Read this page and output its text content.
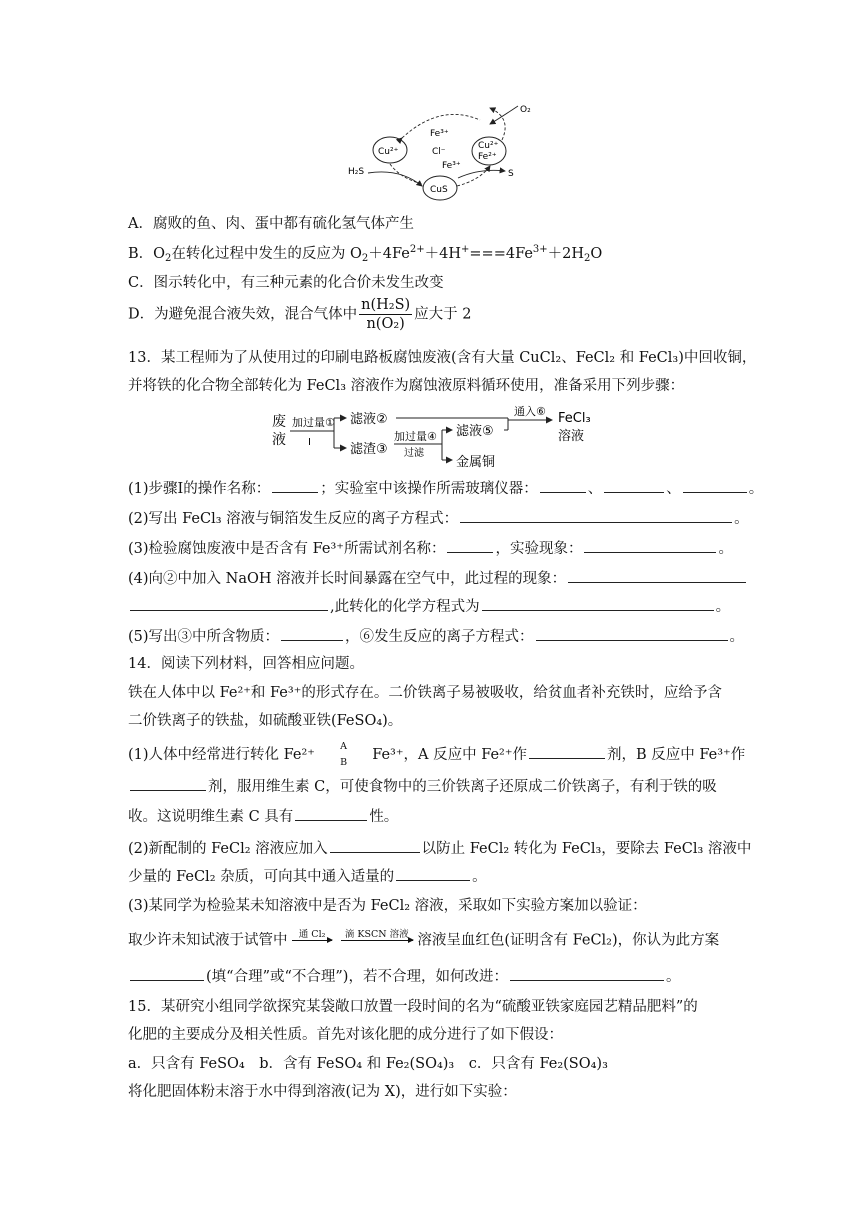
O₂
Cu²⁺
Fe³⁺
Cl⁻
Cu²⁺
Fe²⁺
Fe³⁺
H₂S
CuS
S
A．腐败的鱼、肉、蛋中都有硫化氢气体产生
B．$O_2$在转化过程中发生的反应为 $O_2+4Fe^{2+}+4H^+===4Fe^{3+}+2H_2O$
C．图示转化中，有三种元素的化合价未发生改变
D．为避免混合液失效，混合气体中 $\frac{\text{n(H₂S)}}{\text{n(O₂)}}$ 应大于 2
13．某工程师为了从使用过的印刷电路板腐蚀废液(含有大量 CuCl₂、FeCl₂ 和 FeCl₃)中回收铜，
并将铁的化合物全部转化为 FeCl₃ 溶液作为腐蚀液原料循环使用，准备采用下列步骤：
废
液
加过量①
Ⅰ
滤液②
滤渣③
加过量④
过滤
滤液⑤
金属铜
通入⑥ FeCl₃
溶液
(1)步骤Ⅰ的操作名称：	；实验室中该操作所需玻璃仪器：	、	、	。
(2)写出 FeCl₃ 溶液与铜箔发生反应的离子方程式：	。
(3)检验腐蚀废液中是否含有 Fe³⁺所需试剂名称：	，实验现象：	。
(4)向②中加入 NaOH 溶液并长时间暴露在空气中，此过程的现象：
,此转化的化学方程式为	。
(5)写出③中所含物质：	，⑥发生反应的离子方程式：	。
14．阅读下列材料，回答相应问题。
铁在人体中以 Fe²⁺和 Fe³⁺的形式存在。二价铁离子易被吸收，给贫血者补充铁时，应给予含
二价铁离子的铁盐，如硫酸亚铁(FeSO₄)。
(1)人体中经常进行转化 Fe²⁺
A
B	Fe³⁺，A 反应中 Fe²⁺作	剂，B 反应中 Fe³⁺作
剂，服用维生素 C，可使食物中的三价铁离子还原成二价铁离子，有利于铁的吸
收。这说明维生素 C 具有	性。
(2)新配制的 FeCl₂ 溶液应加入	以防止 FeCl₂ 转化为 FeCl₃，要除去 FeCl₃ 溶液中
少量的 FeCl₂ 杂质，可向其中通入适量的	。
(3)某同学为检验某未知溶液中是否为 FeCl₂ 溶液，采取如下实验方案加以验证：
取少许未知试液于试管中	通 Cl₂

	滴 KSCN 溶液
溶液呈血红色(证明含有 FeCl₂)，你认为此方案
(填“合理”或“不合理”)，若不合理，如何改进：	。
15．某研究小组同学欲探究某袋敞口放置一段时间的名为“硫酸亚铁家庭园艺精品肥料”的
化肥的主要成分及相关性质。首先对该化肥的成分进行了如下假设：
a．只含有 FeSO₄　b．含有 FeSO₄ 和 Fe₂(SO₄)₃　c．只含有 Fe₂(SO₄)₃
将化肥固体粉末溶于水中得到溶液(记为 X)，进行如下实验：
